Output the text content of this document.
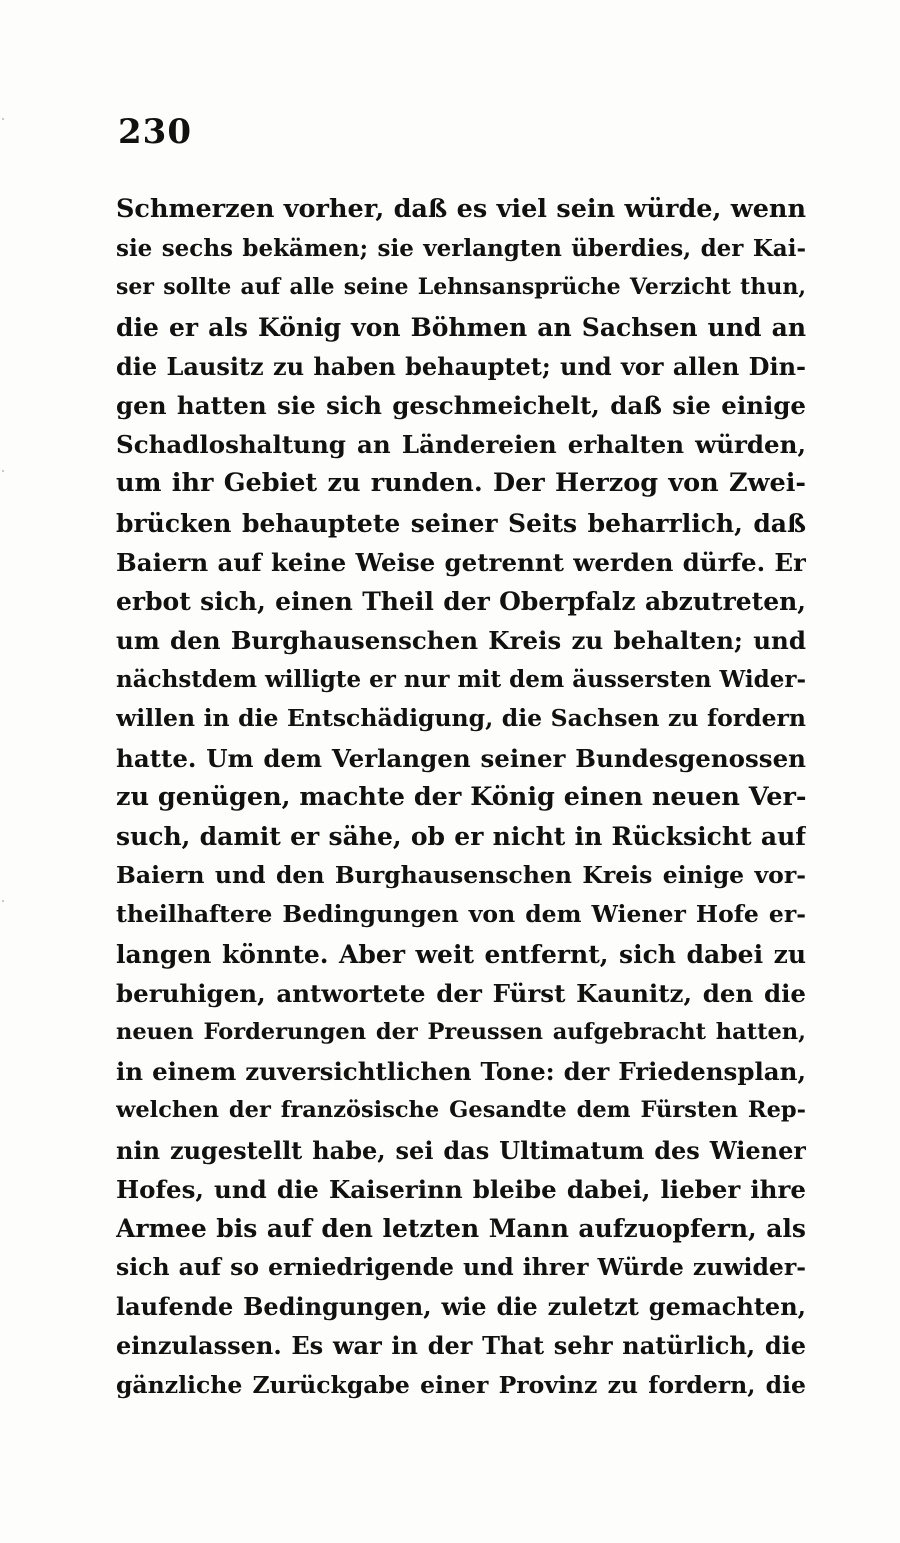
230
Schmerzen vorher, daß es viel sein würde, wenn
sie sechs bekämen; sie verlangten überdies, der Kai-
ser sollte auf alle seine Lehnsansprüche Verzicht thun,
die er als König von Böhmen an Sachsen und an
die Lausitz zu haben behauptet; und vor allen Din-
gen hatten sie sich geschmeichelt, daß sie einige
Schadloshaltung an Ländereien erhalten würden,
um ihr Gebiet zu runden. Der Herzog von Zwei-
brücken behauptete seiner Seits beharrlich, daß
Baiern auf keine Weise getrennt werden dürfe. Er
erbot sich, einen Theil der Oberpfalz abzutreten,
um den Burghausenschen Kreis zu behalten; und
nächstdem willigte er nur mit dem äussersten Wider-
willen in die Entschädigung, die Sachsen zu fordern
hatte. Um dem Verlangen seiner Bundesgenossen
zu genügen, machte der König einen neuen Ver-
such, damit er sähe, ob er nicht in Rücksicht auf
Baiern und den Burghausenschen Kreis einige vor-
theilhaftere Bedingungen von dem Wiener Hofe er-
langen könnte. Aber weit entfernt, sich dabei zu
beruhigen, antwortete der Fürst Kaunitz, den die
neuen Forderungen der Preussen aufgebracht hatten,
in einem zuversichtlichen Tone: der Friedensplan,
welchen der französische Gesandte dem Fürsten Rep-
nin zugestellt habe, sei das Ultimatum des Wiener
Hofes, und die Kaiserinn bleibe dabei, lieber ihre
Armee bis auf den letzten Mann aufzuopfern, als
sich auf so erniedrigende und ihrer Würde zuwider-
laufende Bedingungen, wie die zuletzt gemachten,
einzulassen. Es war in der That sehr natürlich, die
gänzliche Zurückgabe einer Provinz zu fordern, die
